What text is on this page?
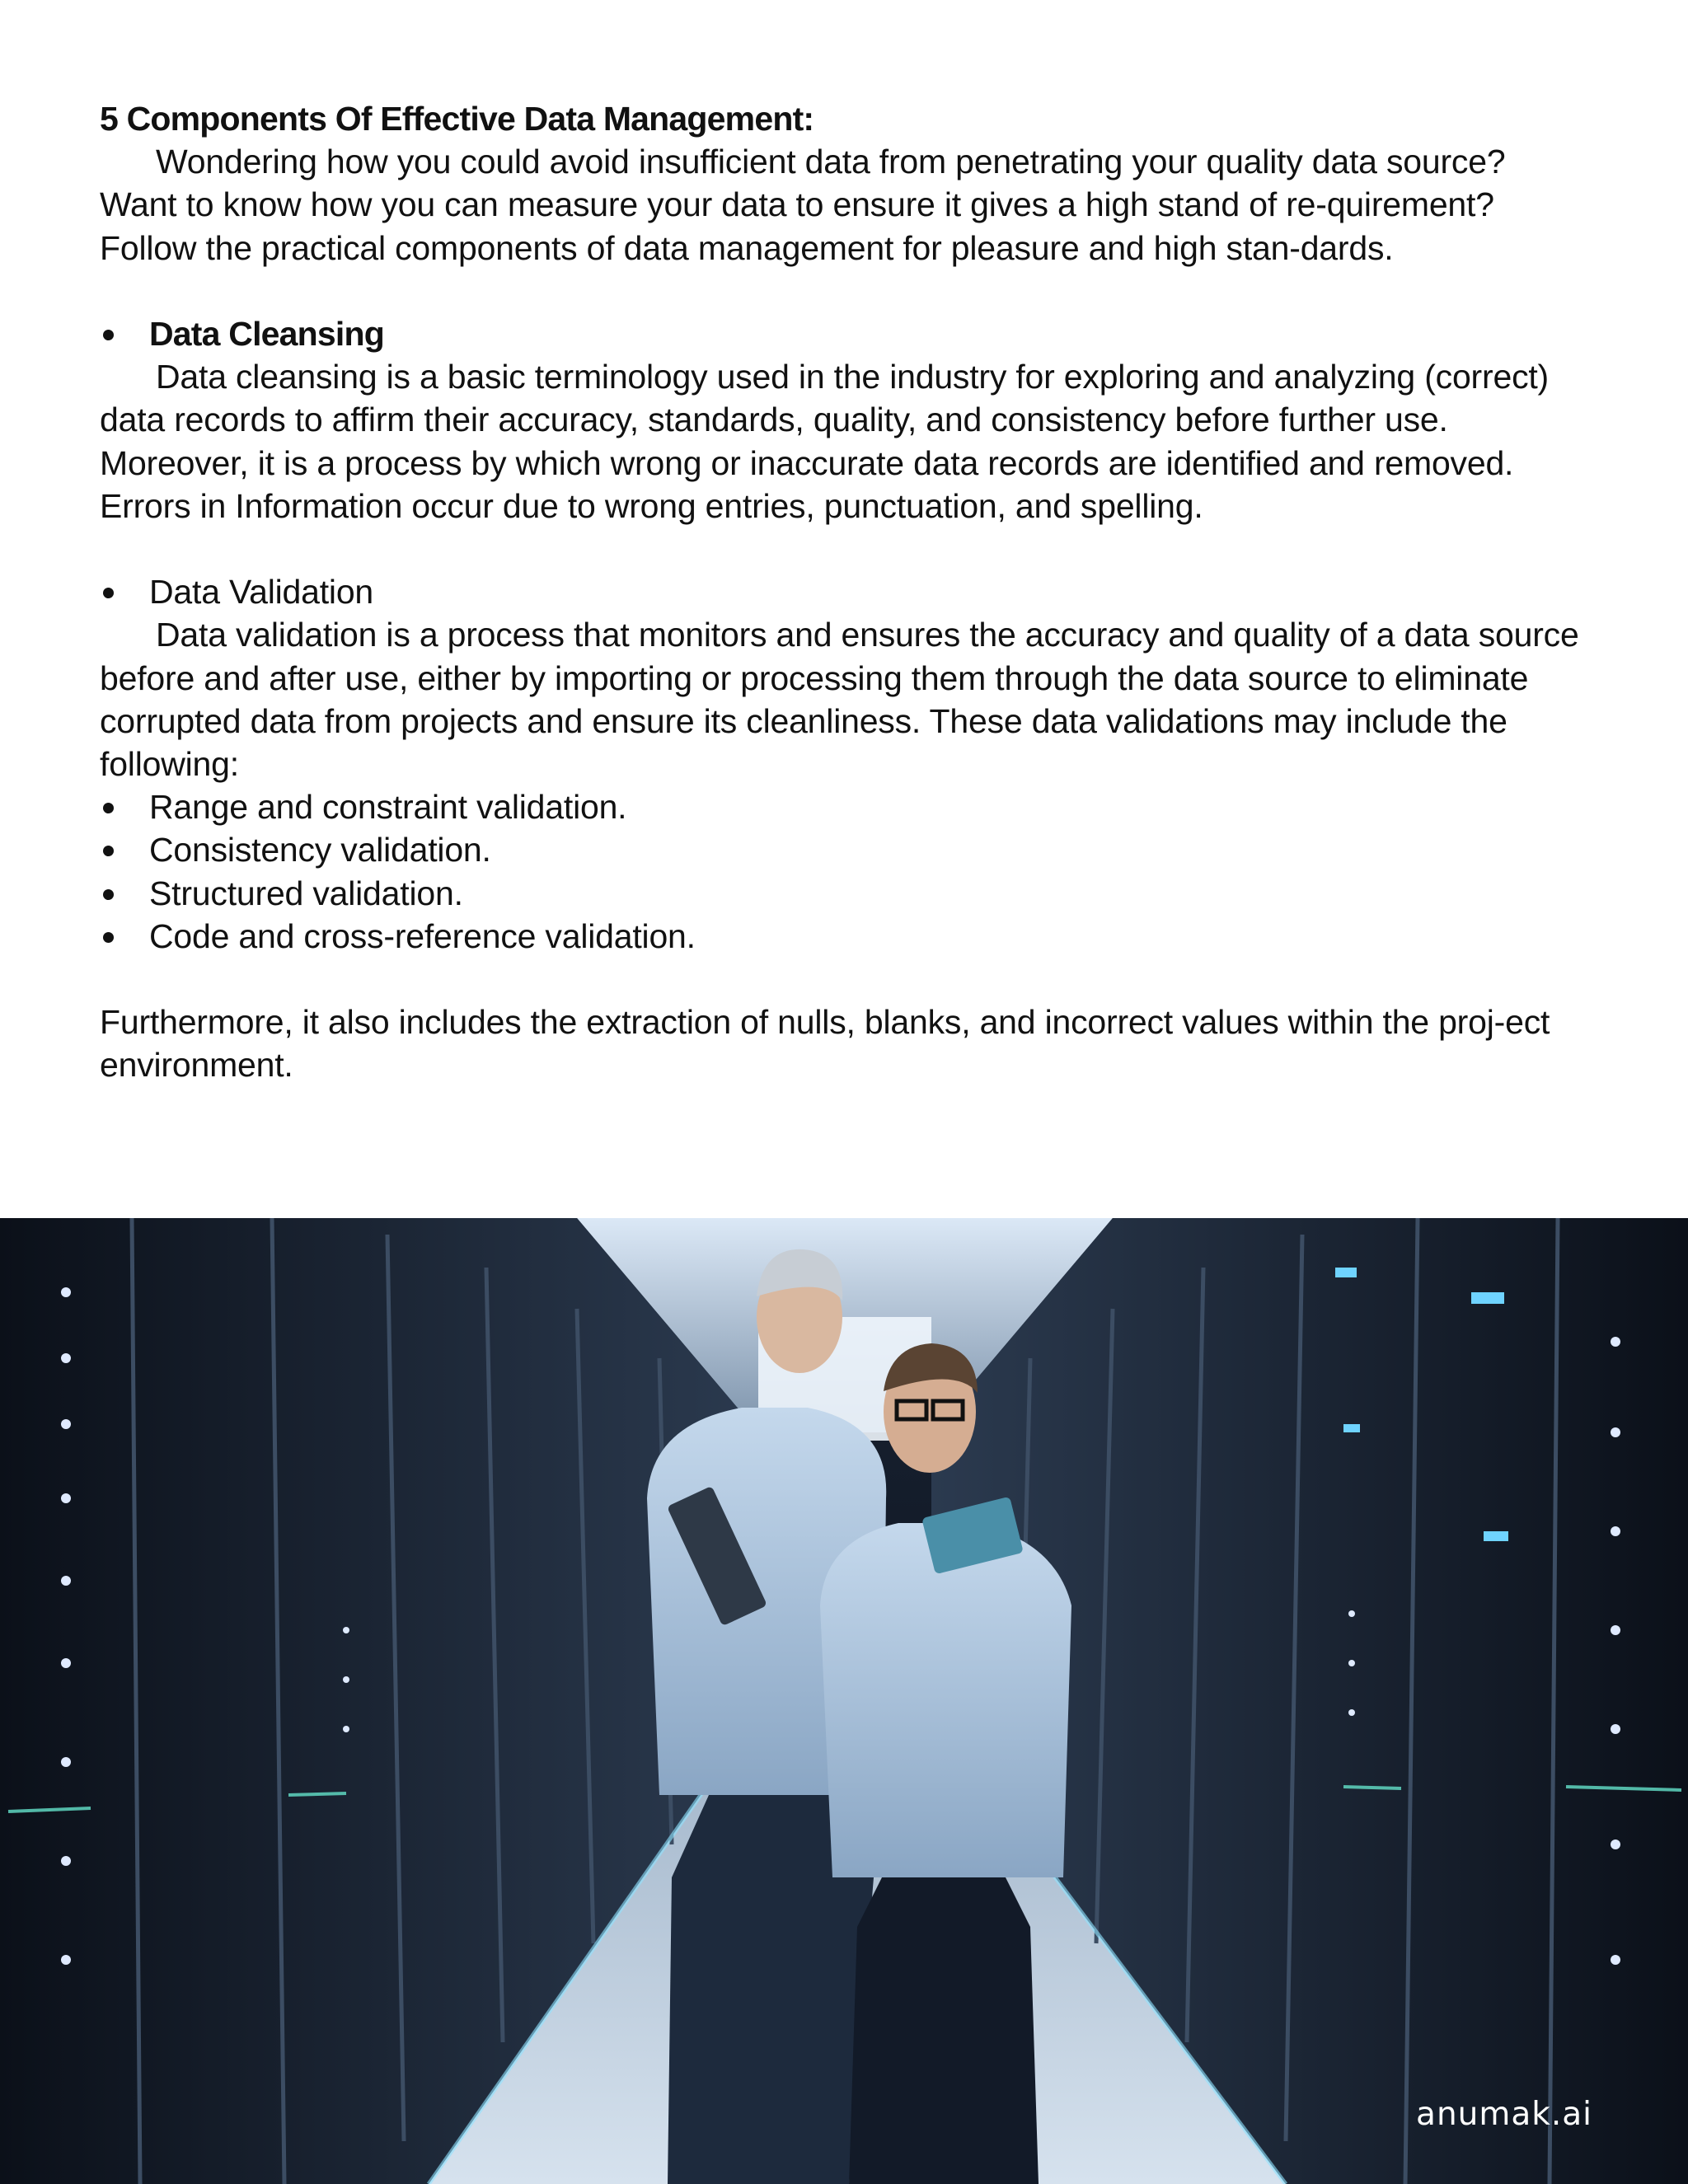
5 Components Of Effective Data Management:

Wondering how you could avoid insufficient data from penetrating your quality data source? Want to know how you can measure your data to ensure it gives a high stand of re-quirement? Follow the practical components of data management for pleasure and high stan-dards.

Data Cleansing

Data cleansing is a basic terminology used in the industry for exploring and analyzing (correct) data records to affirm their accuracy, standards, quality, and consistency before further use. Moreover, it is a process by which wrong or inaccurate data records are identified and removed. Errors in Information occur due to wrong entries, punctuation, and spelling.

Data Validation

Data validation is a process that monitors and ensures the accuracy and quality of a data source before and after use, either by importing or processing them through the data source to eliminate corrupted data from projects and ensure its cleanliness. These data validations may include the following:

Range and constraint validation.

Consistency validation.

Structured validation.

Code and cross-reference validation.

Furthermore, it also includes the extraction of nulls, blanks, and incorrect values within the proj-ect environment.

anumak.ai
